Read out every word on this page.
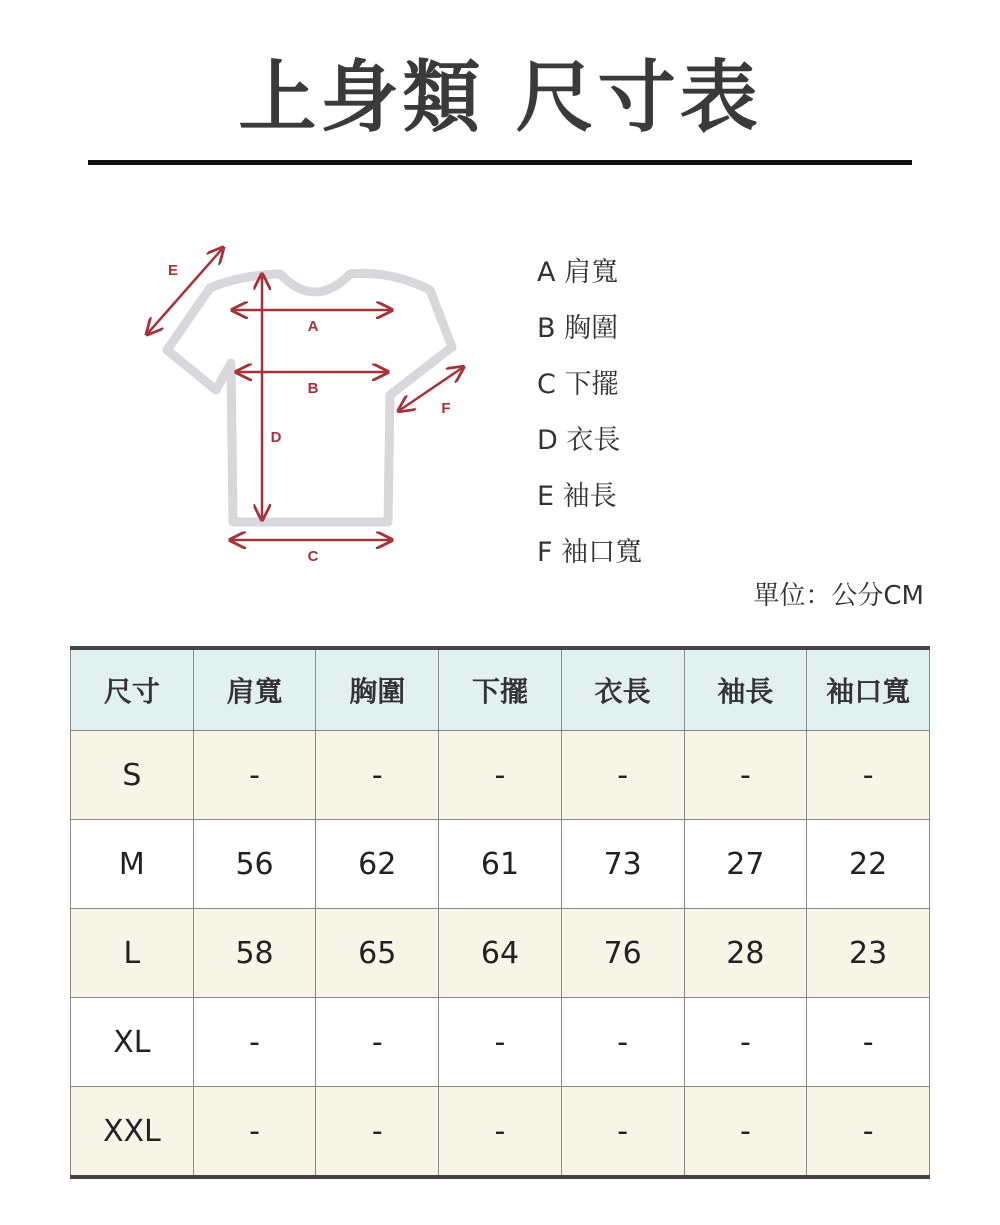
上身類 尺寸表
E
A
B
D
F
C
A 肩寬
B 胸圍
C 下擺
D 衣長
E 袖長
F 袖口寬
單位：公分CM
尺寸	肩寬	胸圍	下擺	衣長	袖長	袖口寬
S	-	-	-	-	-	-
M	56	62	61	73	27	22
L	58	65	64	76	28	23
XL	-	-	-	-	-	-
XXL	-	-	-	-	-	-
